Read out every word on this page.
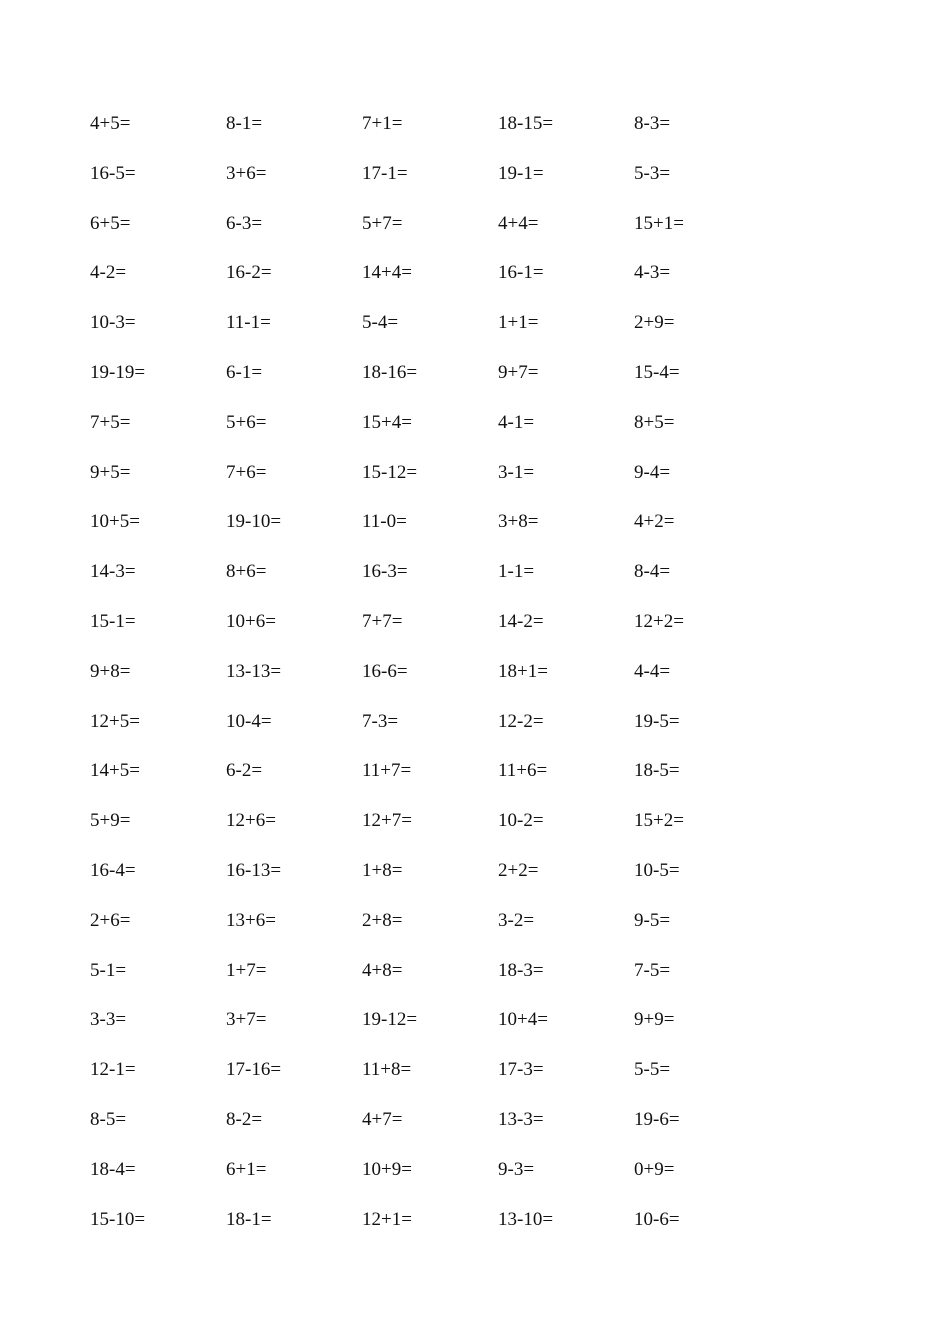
4+5=	8-1=	7+1=	18-15=	8-3=
16-5=	3+6=	17-1=	19-1=	5-3=
6+5=	6-3=	5+7=	4+4=	15+1=
4-2=	16-2=	14+4=	16-1=	4-3=
10-3=	11-1=	5-4=	1+1=	2+9=
19-19=	6-1=	18-16=	9+7=	15-4=
7+5=	5+6=	15+4=	4-1=	8+5=
9+5=	7+6=	15-12=	3-1=	9-4=
10+5=	19-10=	11-0=	3+8=	4+2=
14-3=	8+6=	16-3=	1-1=	8-4=
15-1=	10+6=	7+7=	14-2=	12+2=
9+8=	13-13=	16-6=	18+1=	4-4=
12+5=	10-4=	7-3=	12-2=	19-5=
14+5=	6-2=	11+7=	11+6=	18-5=
5+9=	12+6=	12+7=	10-2=	15+2=
16-4=	16-13=	1+8=	2+2=	10-5=
2+6=	13+6=	2+8=	3-2=	9-5=
5-1=	1+7=	4+8=	18-3=	7-5=
3-3=	3+7=	19-12=	10+4=	9+9=
12-1=	17-16=	11+8=	17-3=	5-5=
8-5=	8-2=	4+7=	13-3=	19-6=
18-4=	6+1=	10+9=	9-3=	0+9=
15-10=	18-1=	12+1=	13-10=	10-6=
